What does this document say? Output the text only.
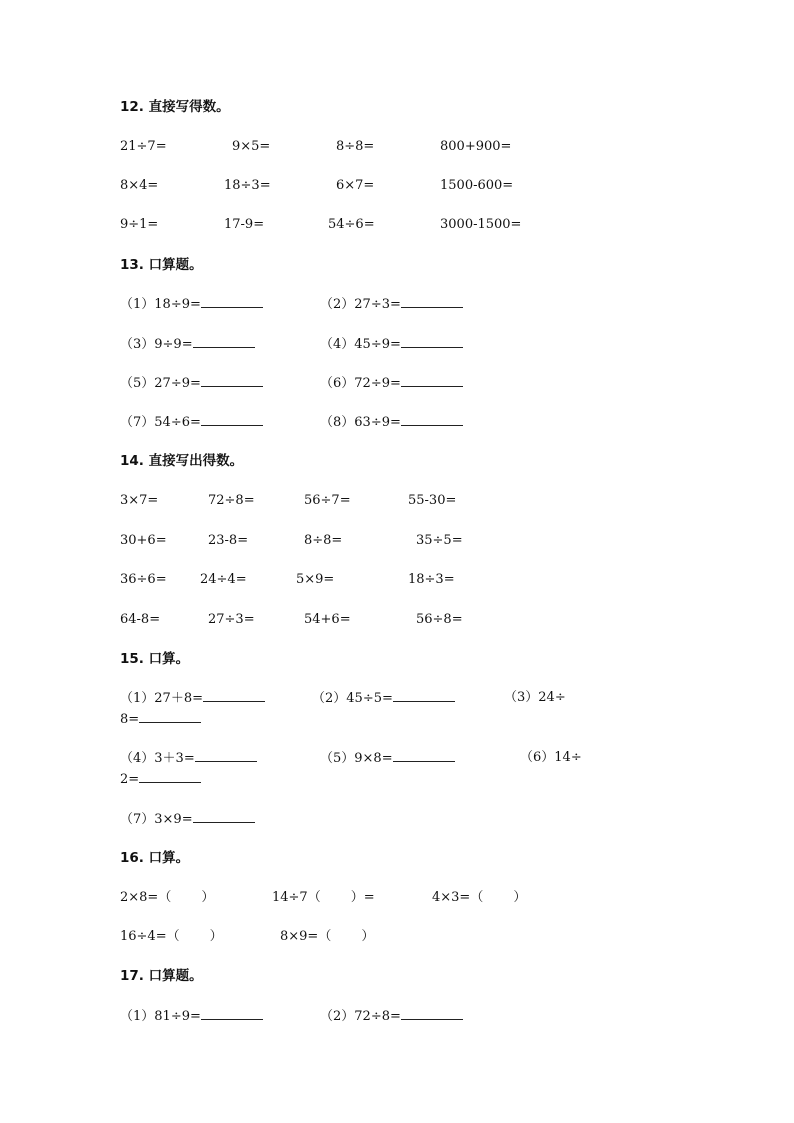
12. 直接写得数。
21÷7=	9×5=	8÷8=	800+900=
8×4=	18÷3=	6×7=	1500-600=
9÷1=	17-9=	54÷6=	3000-1500=
13. 口算题。
（1）18÷9=	（2）27÷3=
（3）9÷9=	（4）45÷9=
（5）27÷9=	（6）72÷9=
（7）54÷6=	（8）63÷9=
14. 直接写出得数。
3×7=	72÷8=	56÷7=	55-30=
30+6=	23-8=	8÷8=	35÷5=
36÷6=	24÷4=	5×9=	18÷3=
64-8=	27÷3=	54+6=	56÷8=
15. 口算。
（1）27＋8=	（2）45÷5=	（3）24÷
8=
（4）3＋3=	（5）9×8=	（6）14÷
2=
（7）3×9=
16. 口算。
2×8=（ ）	14÷7（ ）=	4×3=（ ）
16÷4=（ ）	8×9=（ ）
17. 口算题。
（1）81÷9=	（2）72÷8=
